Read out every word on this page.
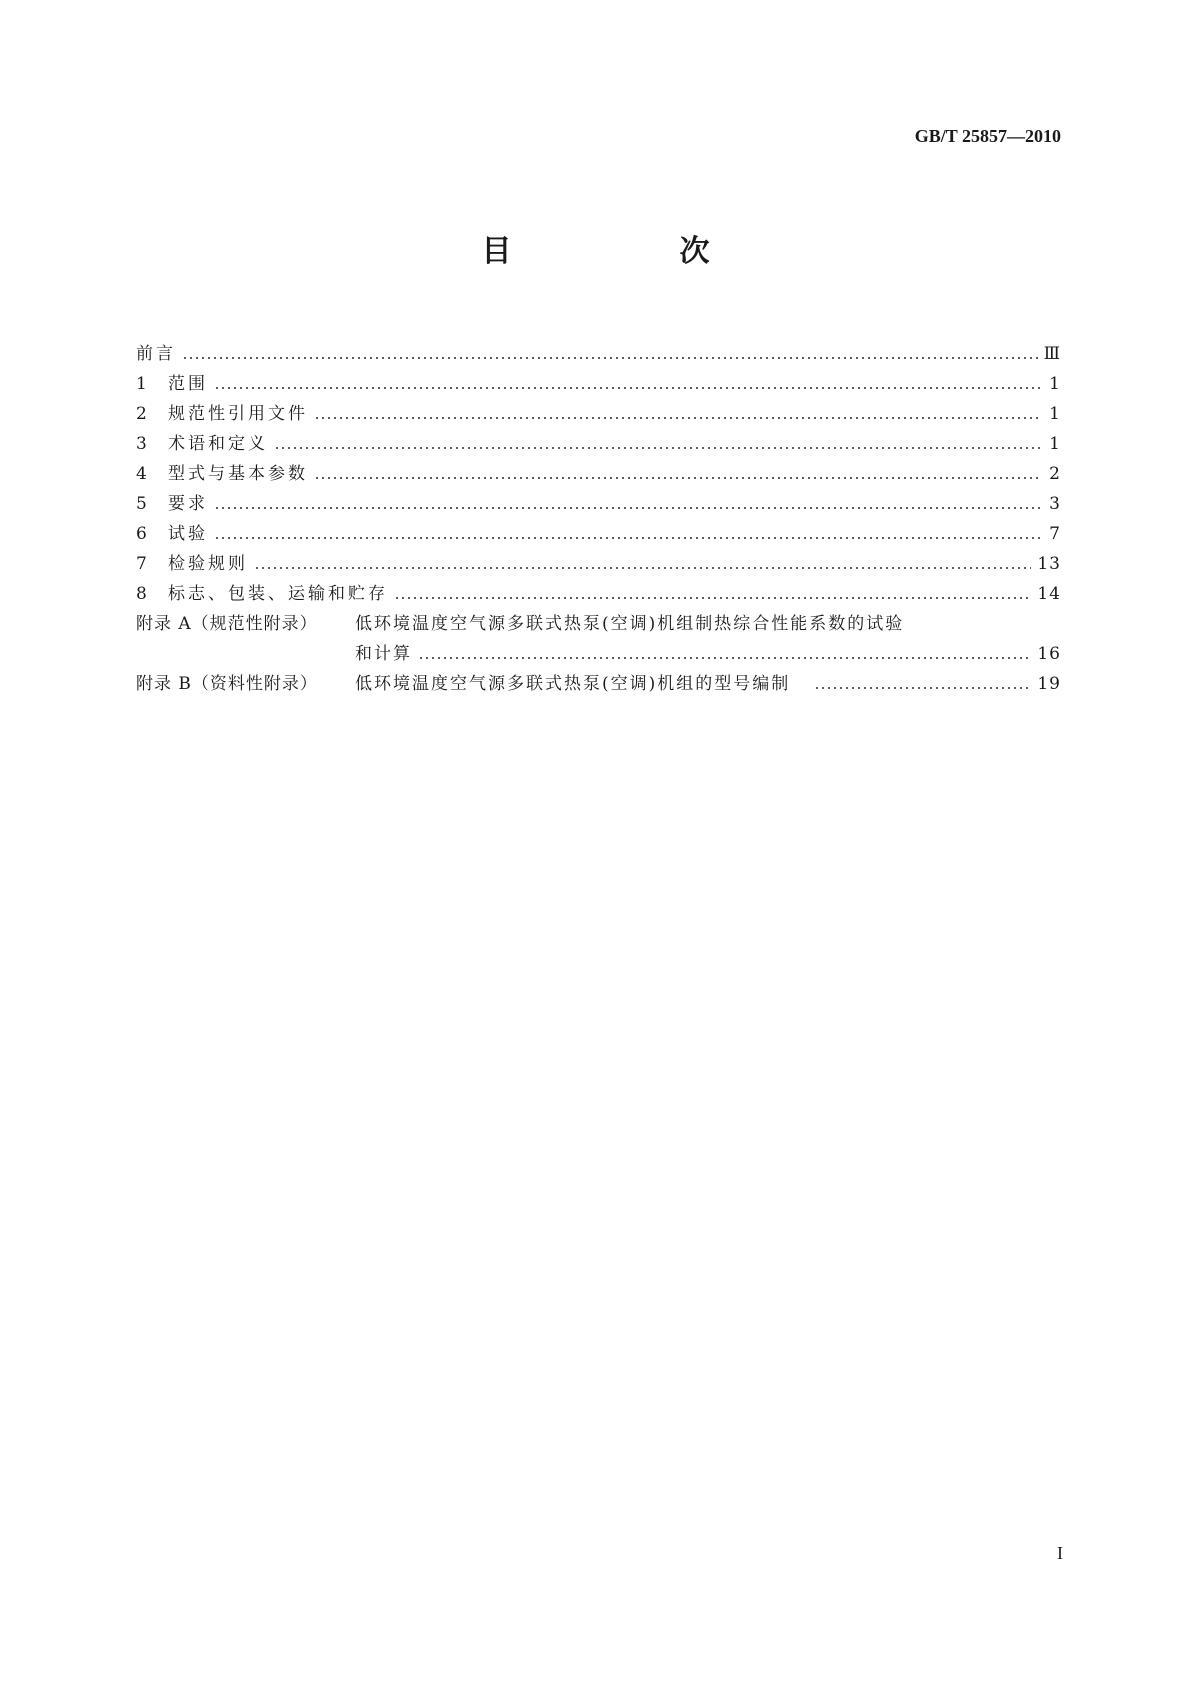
GB/T 25857—2010
目　　次
前言	Ⅲ
1	范围	1
2	规范性引用文件	1
3	术语和定义	1
4	型式与基本参数	2
5	要求	3
6	试验	7
7	检验规则	13
8	标志、包装、运输和贮存	14
附录 A（规范性附录）	低环境温度空气源多联式热泵(空调)机组制热综合性能系数的试验
和计算	16
附录 B（资料性附录）	低环境温度空气源多联式热泵(空调)机组的型号编制	19
I
